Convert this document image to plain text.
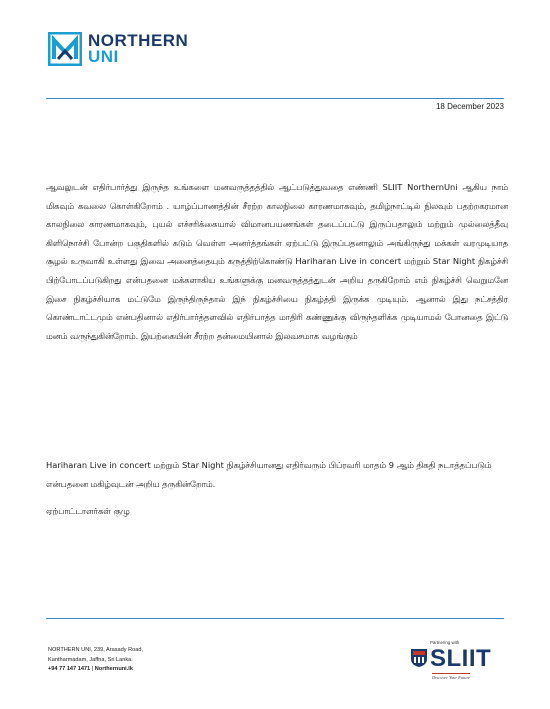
NORTHERN
UNI
18 December 2023
ஆவலுடன் எதிர்பார்த்து இருந்த உங்களை மனவருத்தத்தில் ஆட்படுத்துவதை எண்ணி SLIIT NorthernUni ஆகிய நாம் மிகவும் கவலை கொள்கிறோம் . யாழ்ப்பாணத்தின் சீரற்ற காலநிலை காரணமாகவும், தமிழ்நாட்டில் நிலவும் பதற்றகரமான காலநிலை காரணமாகவும், புயல் எச்சரிக்கையால் விமானபயணங்கள் தடைப்பட்டு இருப்பதாலும் மற்றும் முல்லைத்தீவு கிளிநொச்சி போன்ற பகுதிகளில் கடும் வெள்ள அனர்த்தங்கள் ஏற்பட்டு இருப்பதனாலும் அங்கிருந்து மக்கள் வரமுடியாத சூழல் உருவாகி உள்ளது இவை அனைத்தையும் கருத்திற்கொண்டு Hariharan Live in concert மற்றும் Star Night நிகழ்ச்சி பிற்போடப்படுகிறது என்பதனை மக்களாகிய உங்களுக்கு மனவருத்தத்துடன் அறிய தருகிறோம் எம் நிகழ்ச்சி வெறுமனே இசை நிகழ்ச்சியாக மட்டுமே இருந்திருந்தால் இந் நிகழ்ச்சியை நிகழ்த்தி இருக்க முடியும். ஆனால் இது நட்சத்திர கொண்டாட்டமும் என்பதினால் எதிர்பார்த்தளவில் எதிர்பாத்த மாதிரி கண்ணுக்கு விருந்தளிக்க முடியாமல் போனதை இட்டு மனம் வருந்துகின்றோம். இயற்கையின் சீரற்ற தன்மையினால் இலவசமாக வழங்கும்
Hariharan Live in concert மற்றும் Star Night நிகழ்ச்சியானது எதிர்வரும் பிப்ரவரி மாதம் 9 ஆம் திகதி நடாத்தப்படும் என்பதனை மகிழ்வுடன் அறிய தருகின்றோம்.
ஏற்பாட்டாளர்கள் குழு
NORTHERN UNI, 239, Arasady Road,
Kantharmadam, Jaffna, Sri Lanka.
+94 77 147 1471 | Northernuni.lk
Partnering with
SLIIT
Discover Your Future
